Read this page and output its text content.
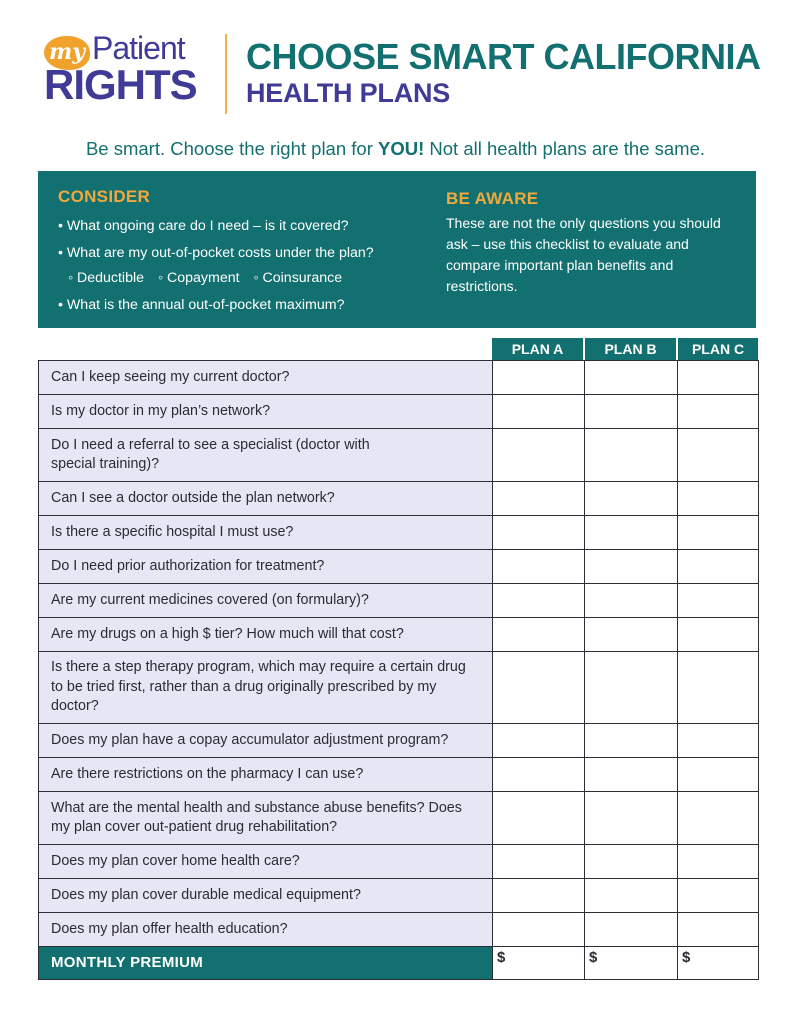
my Patient
RIGHTS
CHOOSE SMART CALIFORNIA
HEALTH PLANS
Be smart. Choose the right plan for YOU! Not all health plans are the same.
CONSIDER
• What ongoing care do I need – is it covered?
• What are my out-of-pocket costs under the plan?
◦ Deductible ◦ Copayment ◦ Coinsurance
• What is the annual out-of-pocket maximum?
BE AWARE
These are not the only questions you should ask – use this checklist to evaluate and compare important plan benefits and restrictions.
PLAN A	PLAN B	PLAN C
Can I keep seeing my current doctor?			
Is my doctor in my plan’s network?			
Do I need a referral to see a specialist (doctor with special training)?			
Can I see a doctor outside the plan network?			
Is there a specific hospital I must use?			
Do I need prior authorization for treatment?			
Are my current medicines covered (on formulary)?			
Are my drugs on a high $ tier? How much will that cost?			
Is there a step therapy program, which may require a certain drug to be tried first, rather than a drug originally prescribed by my doctor?			
Does my plan have a copay accumulator adjustment program?			
Are there restrictions on the pharmacy I can use?			
What are the mental health and substance abuse benefits? Does my plan cover out-patient drug rehabilitation?			
Does my plan cover home health care?			
Does my plan cover durable medical equipment?			
Does my plan offer health education?			
MONTHLY PREMIUM	$	$	$
